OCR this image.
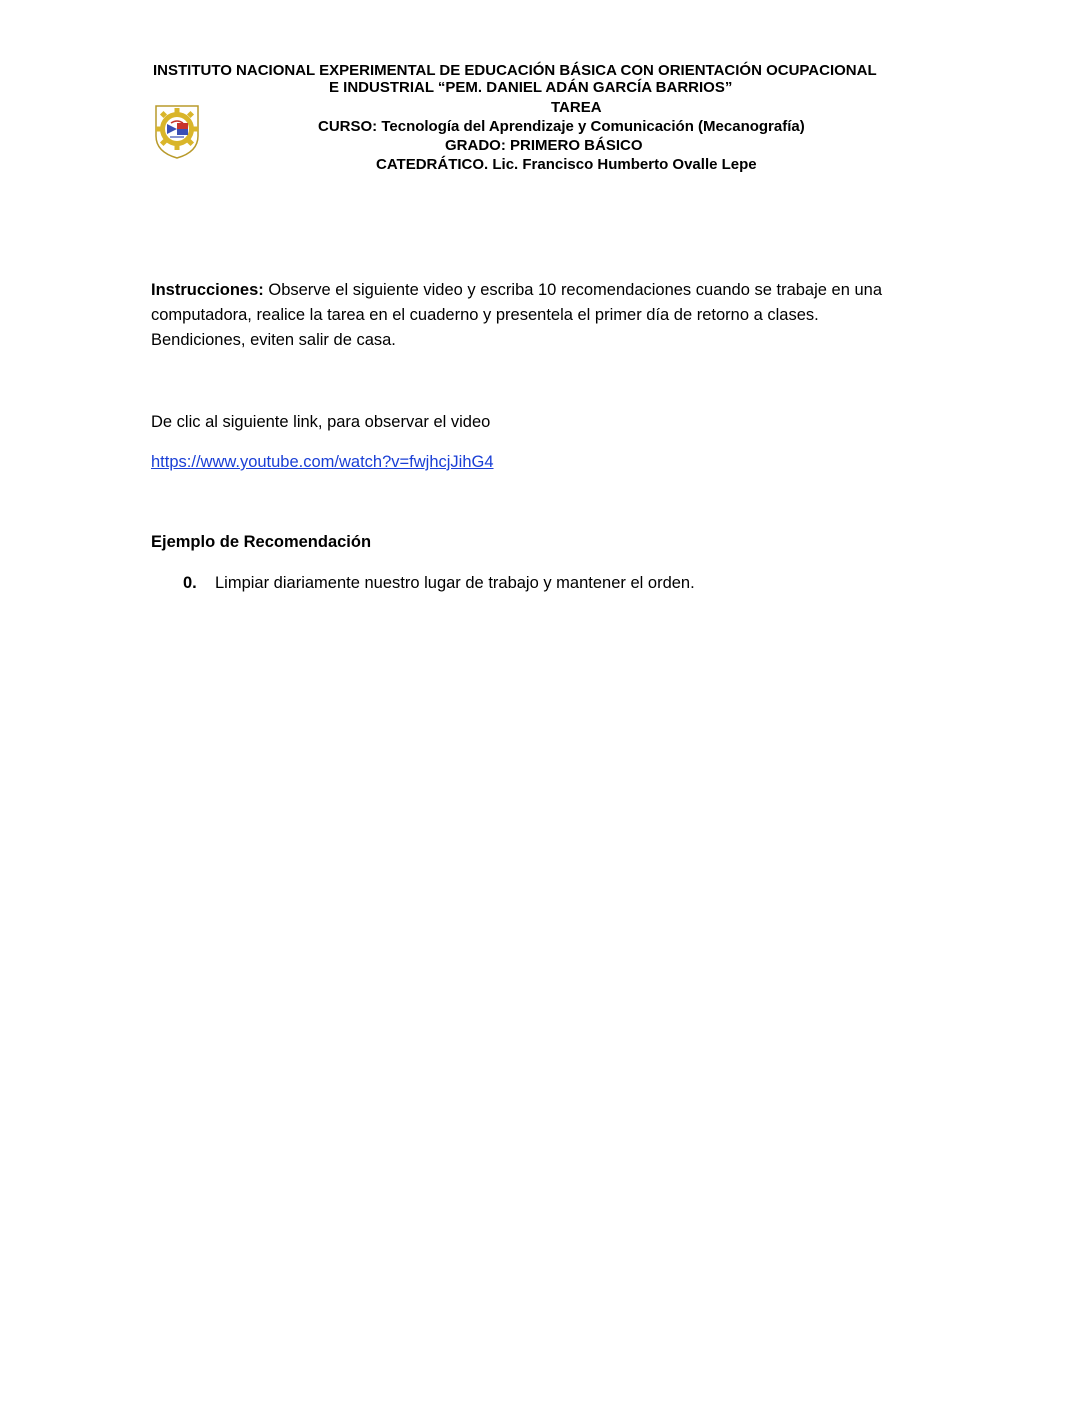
INSTITUTO NACIONAL EXPERIMENTAL DE EDUCACIÓN BÁSICA CON ORIENTACIÓN OCUPACIONAL
E INDUSTRIAL “PEM. DANIEL ADÁN GARCÍA BARRIOS”
TAREA
CURSO: Tecnología del Aprendizaje y Comunicación (Mecanografía)
GRADO: PRIMERO BÁSICO
CATEDRÁTICO. Lic. Francisco Humberto Ovalle Lepe
Instrucciones: Observe el siguiente video y escriba 10 recomendaciones cuando se trabaje en una
computadora, realice la tarea en el cuaderno y presentela el primer día de retorno a clases.
Bendiciones, eviten salir de casa.
De clic al siguiente link, para observar el video
https://www.youtube.com/watch?v=fwjhcjJihG4
Ejemplo de Recomendación
0. Limpiar diariamente nuestro lugar de trabajo y mantener el orden.
